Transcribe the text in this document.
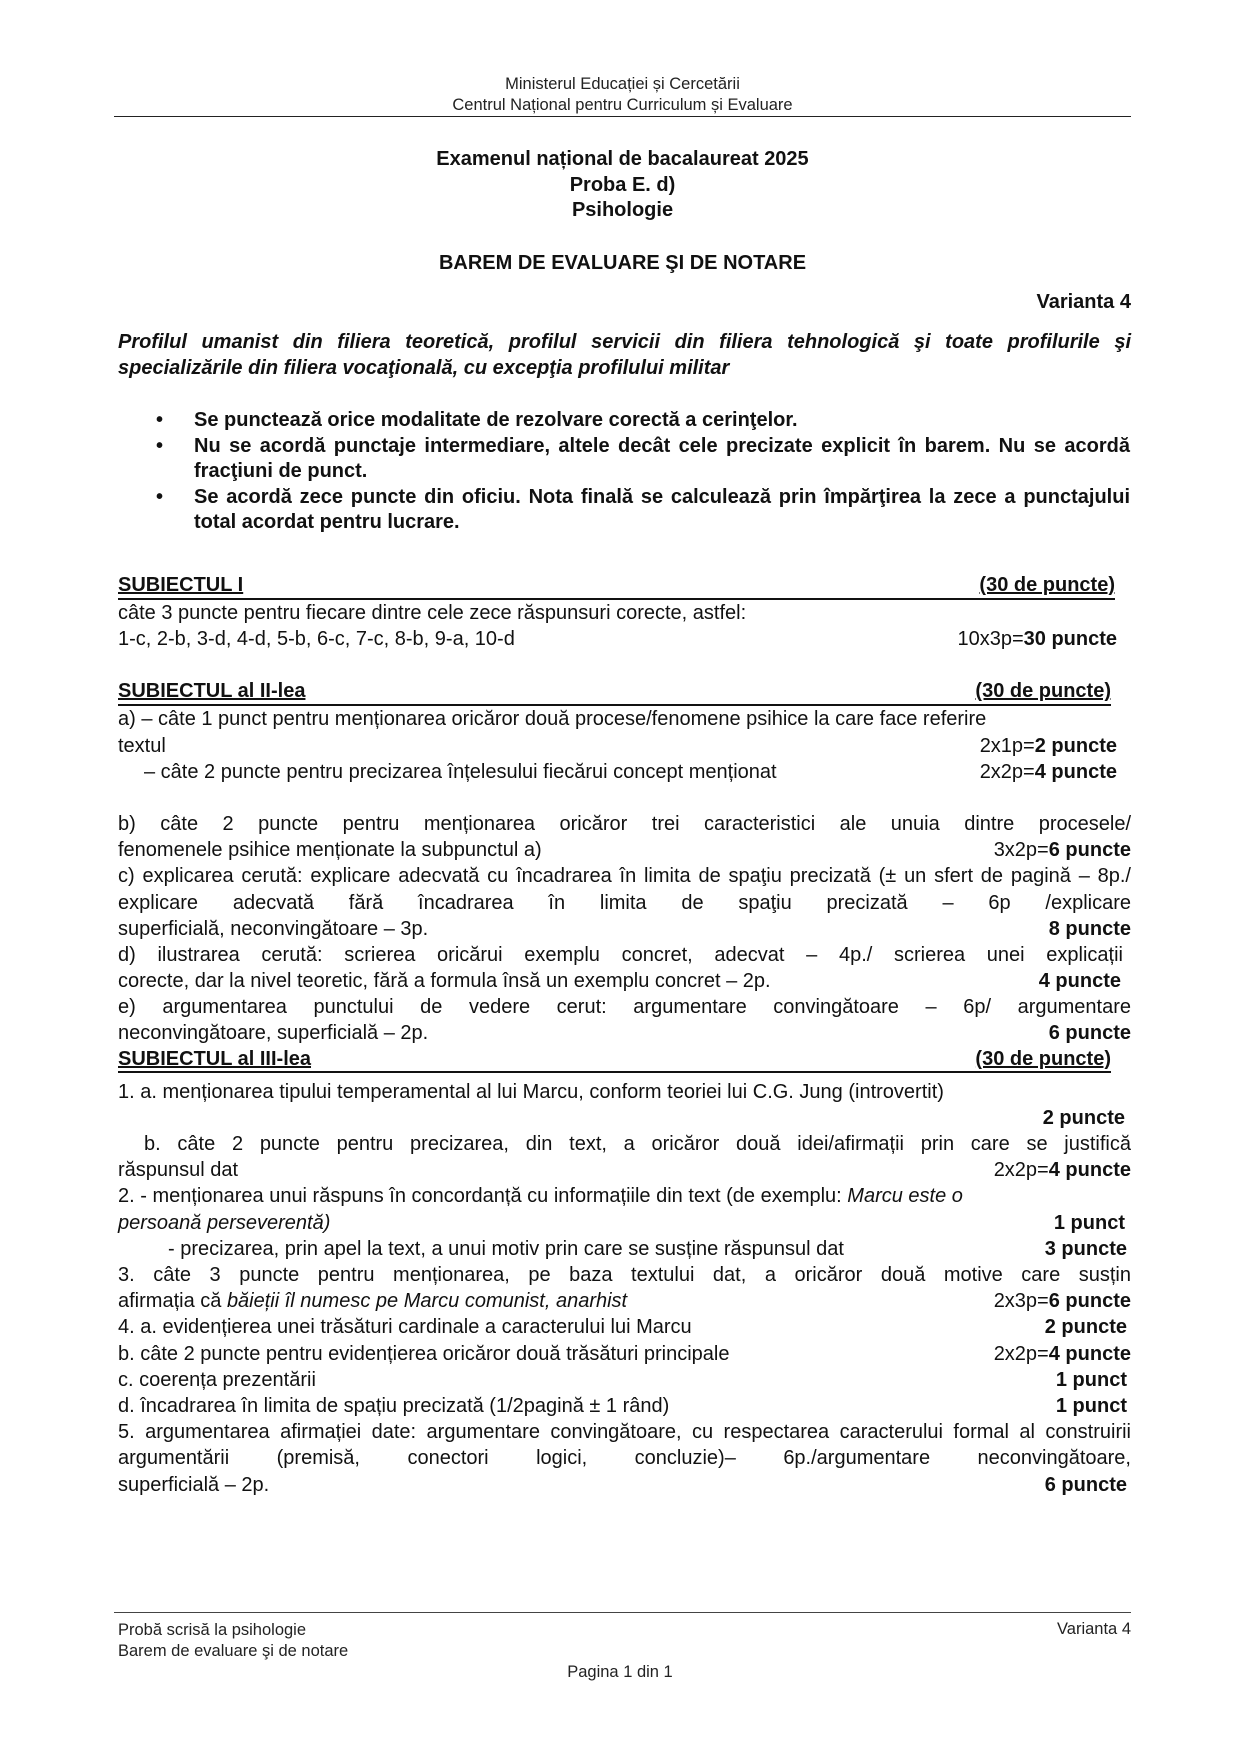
Ministerul Educației și Cercetării
Centrul Național pentru Curriculum și Evaluare
Examenul național de bacalaureat 2025
Proba E. d)
Psihologie
BAREM DE EVALUARE ŞI DE NOTARE
Varianta 4
Profilul umanist din filiera teoretică, profilul servicii din filiera tehnologică şi toate profilurile şi specializările din filiera vocaţională, cu excepţia profilului militar
• Se punctează orice modalitate de rezolvare corectă a cerinţelor.
• Nu se acordă punctaje intermediare, altele decât cele precizate explicit în barem. Nu se acordă fracţiuni de punct.
• Se acordă zece puncte din oficiu. Nota finală se calculează prin împărţirea la zece a punctajului total acordat pentru lucrare.
SUBIECTUL I	(30 de puncte)
câte 3 puncte pentru fiecare dintre cele zece răspunsuri corecte, astfel:
1-c, 2-b, 3-d, 4-d, 5-b, 6-c, 7-c, 8-b, 9-a, 10-d	10x3p=30 puncte
SUBIECTUL al II-lea	(30 de puncte)
a) – câte 1 punct pentru menționarea oricăror două procese/fenomene psihice la care face referire
textul	2x1p=2 puncte
– câte 2 puncte pentru precizarea înțelesului fiecărui concept menționat	2x2p=4 puncte
b) câte 2 puncte pentru menționarea oricăror trei caracteristici ale unuia dintre procesele/
fenomenele psihice menționate la subpunctul a)	3x2p=6 puncte
c) explicarea cerută: explicare adecvată cu încadrarea în limita de spaţiu precizată (± un sfert de pagină – 8p./ explicare adecvată fără încadrarea în limita de spaţiu precizată – 6p /explicare
superficială, neconvingătoare – 3p.	8 puncte
d) ilustrarea cerută: scrierea oricărui exemplu concret, adecvat – 4p./ scrierea unei explicații
corecte, dar la nivel teoretic, fără a formula însă un exemplu concret – 2p.	4 puncte
e) argumentarea punctului de vedere cerut: argumentare convingătoare – 6p/ argumentare
neconvingătoare, superficială – 2p.	6 puncte
SUBIECTUL al III-lea	(30 de puncte)
1. a. menționarea tipului temperamental al lui Marcu, conform teoriei lui C.G. Jung (introvertit)
2 puncte
b. câte 2 puncte pentru precizarea, din text, a oricăror două idei/afirmații prin care se justifică
răspunsul dat	2x2p=4 puncte
2. - menționarea unui răspuns în concordanță cu informațiile din text (de exemplu: Marcu este o
persoană perseverentă)	1 punct
- precizarea, prin apel la text, a unui motiv prin care se susține răspunsul dat	3 puncte
3. câte 3 puncte pentru menționarea, pe baza textului dat, a oricăror două motive care susțin
afirmația că băieții îl numesc pe Marcu comunist, anarhist	2x3p=6 puncte
4. a. evidențierea unei trăsături cardinale a caracterului lui Marcu	2 puncte
b. câte 2 puncte pentru evidențierea oricăror două trăsături principale	2x2p=4 puncte
c. coerența prezentării	1 punct
d. încadrarea în limita de spațiu precizată (1/2pagină ± 1 rând)	1 punct
5. argumentarea afirmației date: argumentare convingătoare, cu respectarea caracterului formal al construirii argumentării (premisă, conectori logici, concluzie)– 6p./argumentare neconvingătoare,
superficială – 2p.	6 puncte
Probă scrisă la psihologie
Barem de evaluare şi de notare
Varianta 4
Pagina 1 din 1
